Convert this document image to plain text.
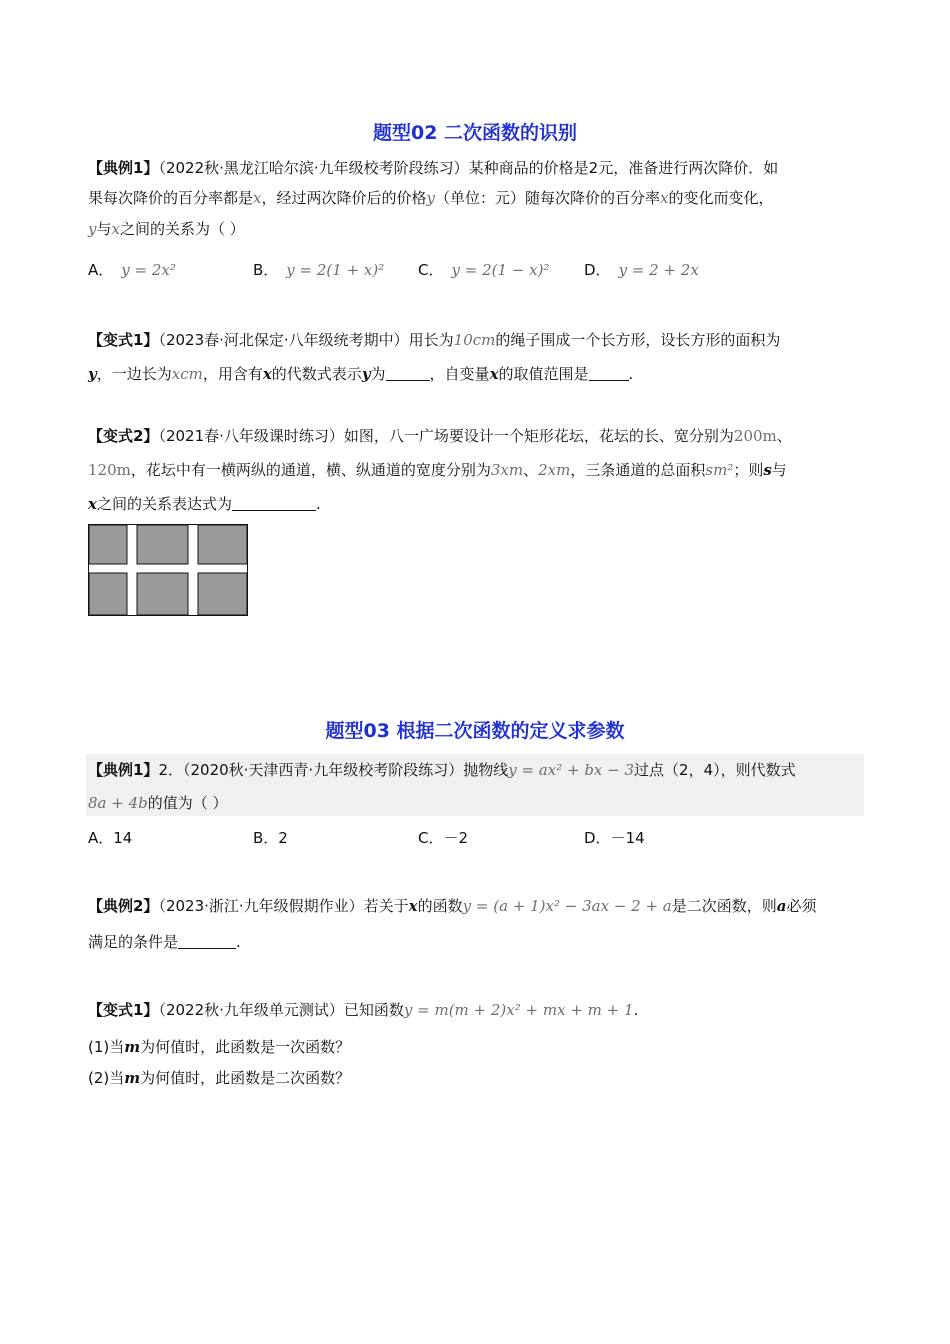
题型02 二次函数的识别
【典例1】（2022秋·黑龙江哈尔滨·九年级校考阶段练习）某种商品的价格是2元，准备进行两次降价．如
果每次降价的百分率都是x，经过两次降价后的价格y（单位：元）随每次降价的百分率x的变化而变化，
y与x之间的关系为（ ）
A． y = 2x²	B． y = 2(1 + x)² C． y = 2(1 − x)² D． y = 2 + 2x
【变式1】（2023春·河北保定·八年级统考期中）用长为10cm的绳子围成一个长方形，设长方形的面积为
y，一边长为xcm，用含有x的代数式表示y为	，自变量x的取值范围是	.
【变式2】（2021春·八年级课时练习）如图，八一广场要设计一个矩形花坛，花坛的长、宽分别为200m、
120m，花坛中有一横两纵的通道，横、纵通道的宽度分别为3xm、2xm，三条通道的总面积sm²；则s与
x之间的关系表达式为	.
题型03 根据二次函数的定义求参数
【典例1】2．（2020秋·天津西青·九年级校考阶段练习）抛物线y = ax² + bx − 3过点（2，4），则代数式
8a + 4b的值为（ ）
A．14	B．2	C．－2	D．－14
【典例2】（2023·浙江·九年级假期作业）若关于x的函数y = (a + 1)x² − 3ax − 2 + a是二次函数，则a必须
满足的条件是	.
【变式1】（2022秋·九年级单元测试）已知函数y = m(m + 2)x² + mx + m + 1.
(1)当m为何值时，此函数是一次函数？
(2)当m为何值时，此函数是二次函数？
